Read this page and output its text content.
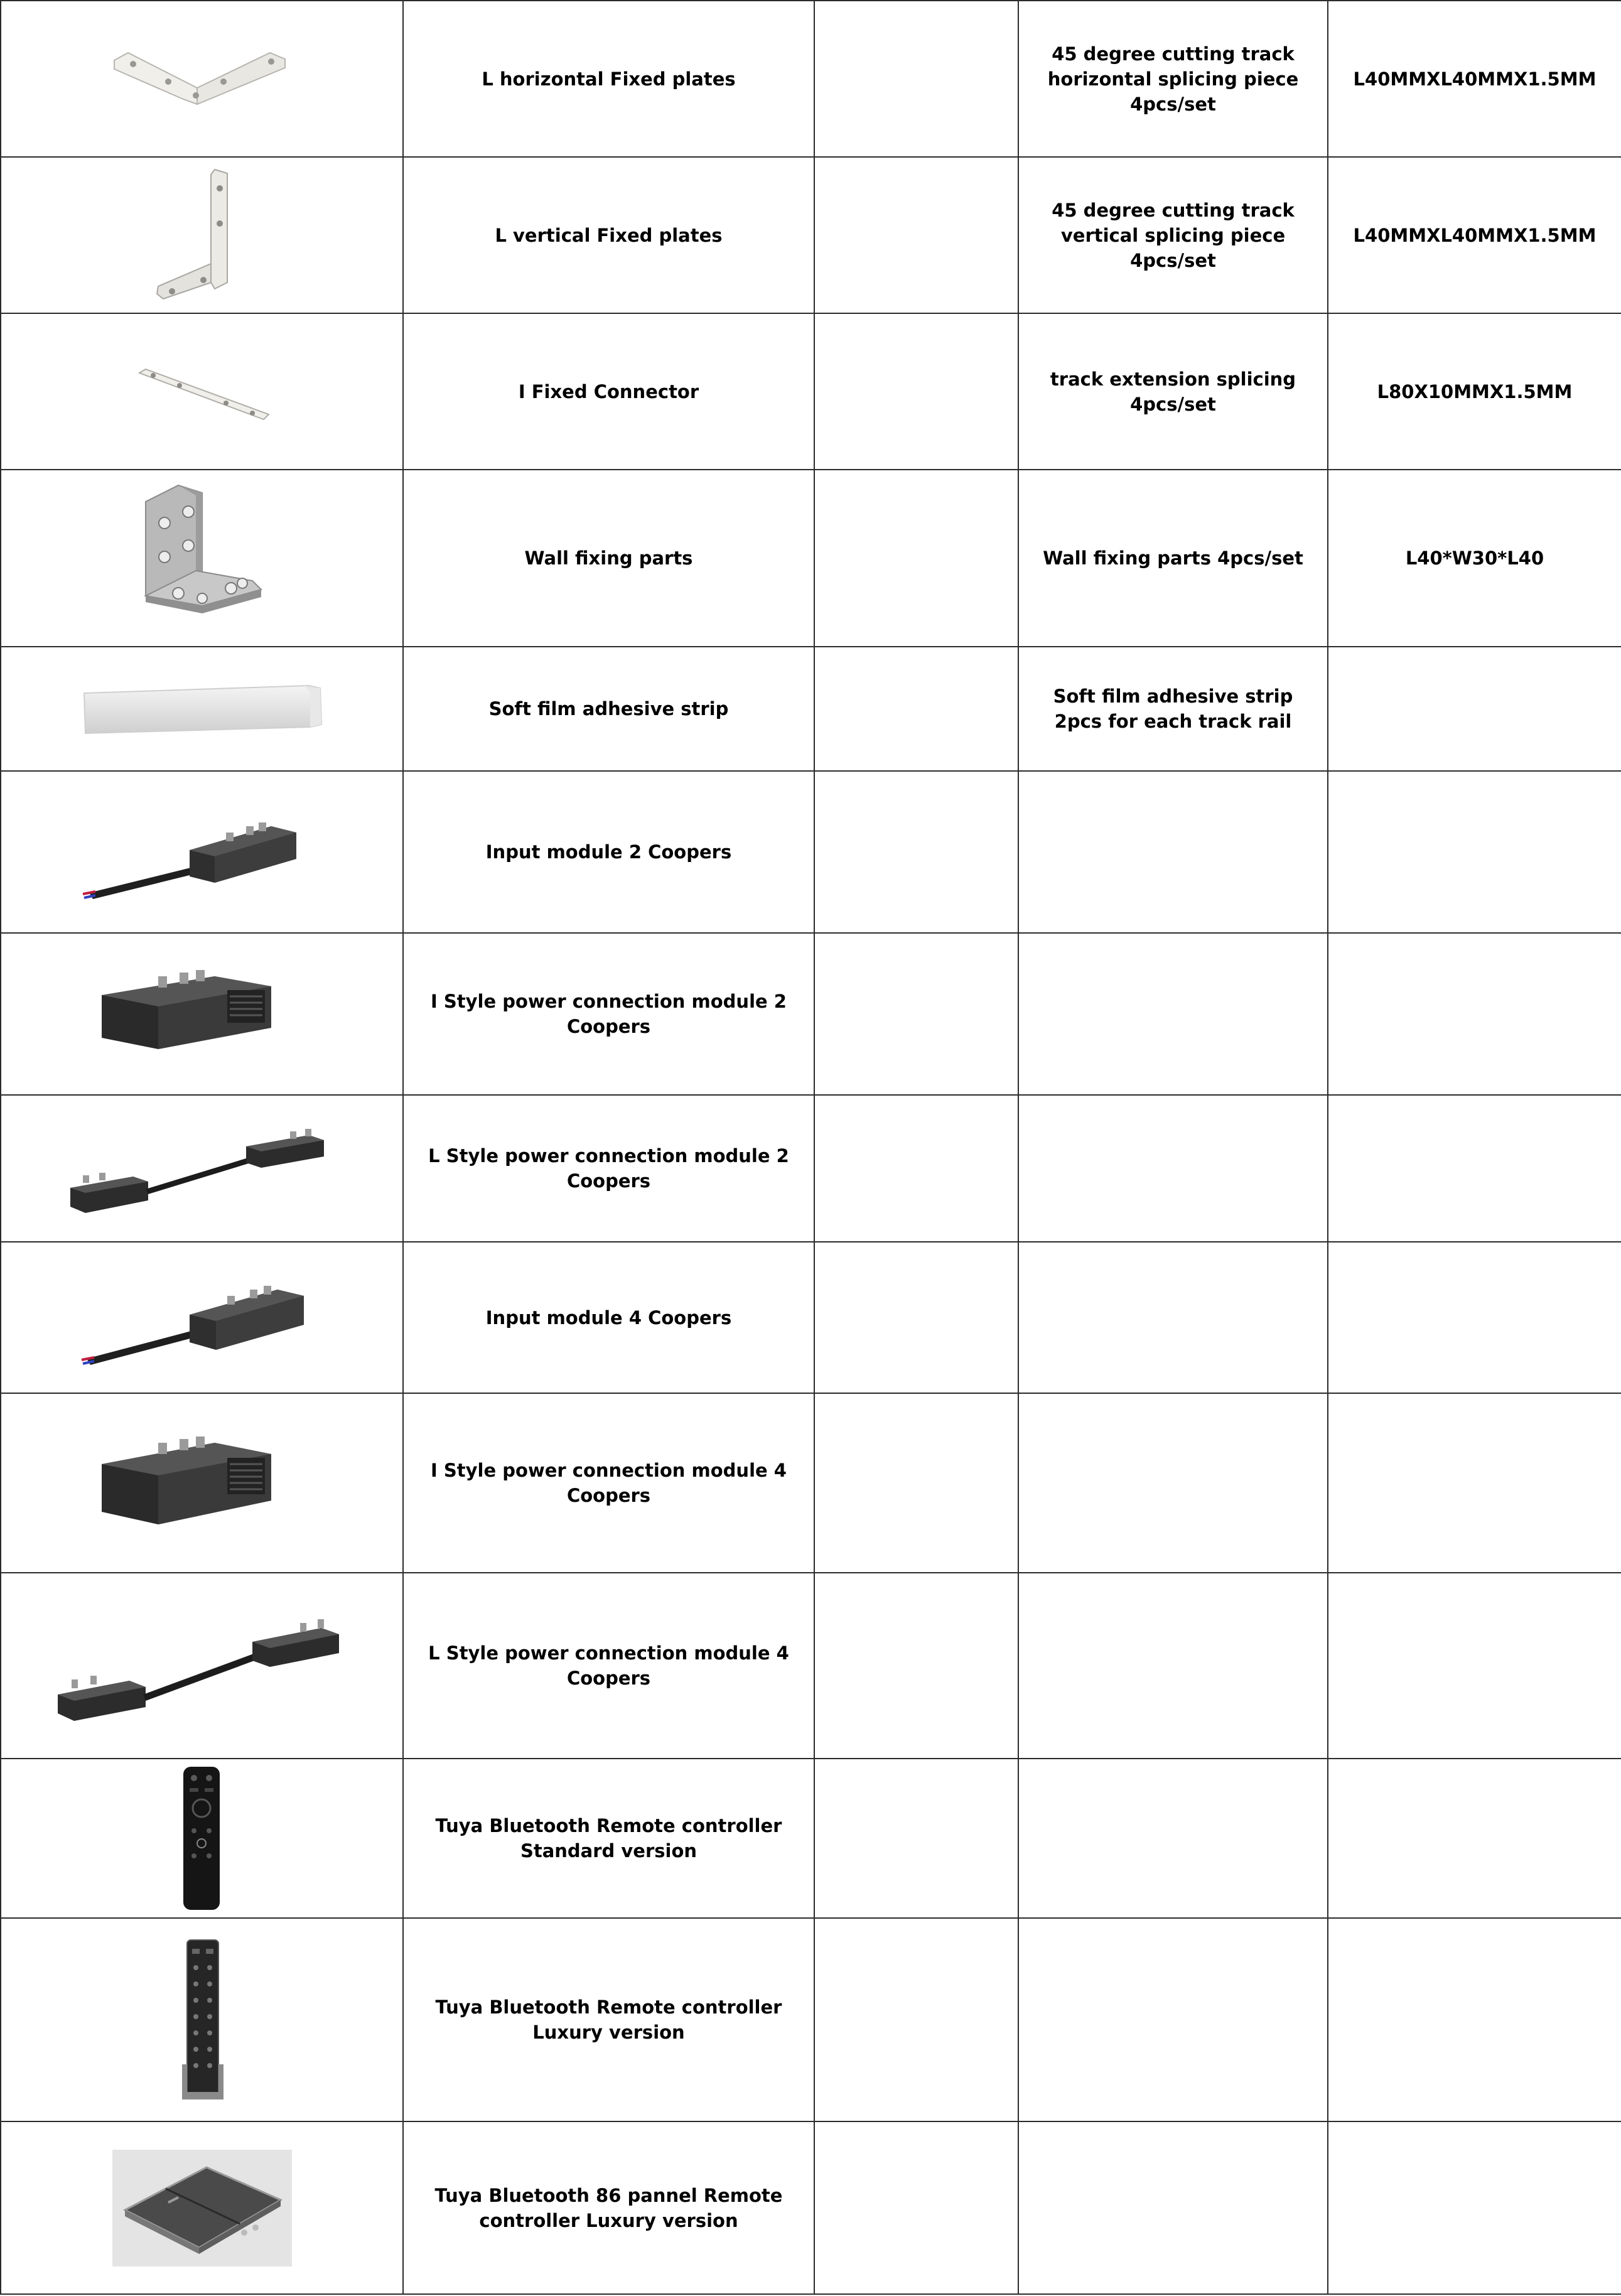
	L horizontal Fixed plates		45 degree cutting track horizontal splicing piece 4pcs/set	L40MMXL40MMX1.5MM

	L vertical Fixed plates		45 degree cutting track vertical splicing piece 4pcs/set	L40MMXL40MMX1.5MM

	I Fixed Connector		track extension splicing 4pcs/set	L80X10MMX1.5MM

	Wall fixing parts		Wall fixing parts 4pcs/set	L40*W30*L40

	Soft film adhesive strip		Soft film adhesive strip 2pcs for each track rail	

	Input module 2 Coopers			

	I Style power connection module 2 Coopers			

	L Style power connection module 2 Coopers			

	Input module 4 Coopers			

	I Style power connection module 4 Coopers			

	L Style power connection module 4 Coopers			

	Tuya Bluetooth Remote controller Standard version			

	Tuya Bluetooth Remote controller Luxury version			

	Tuya Bluetooth 86 pannel Remote controller Luxury version			
